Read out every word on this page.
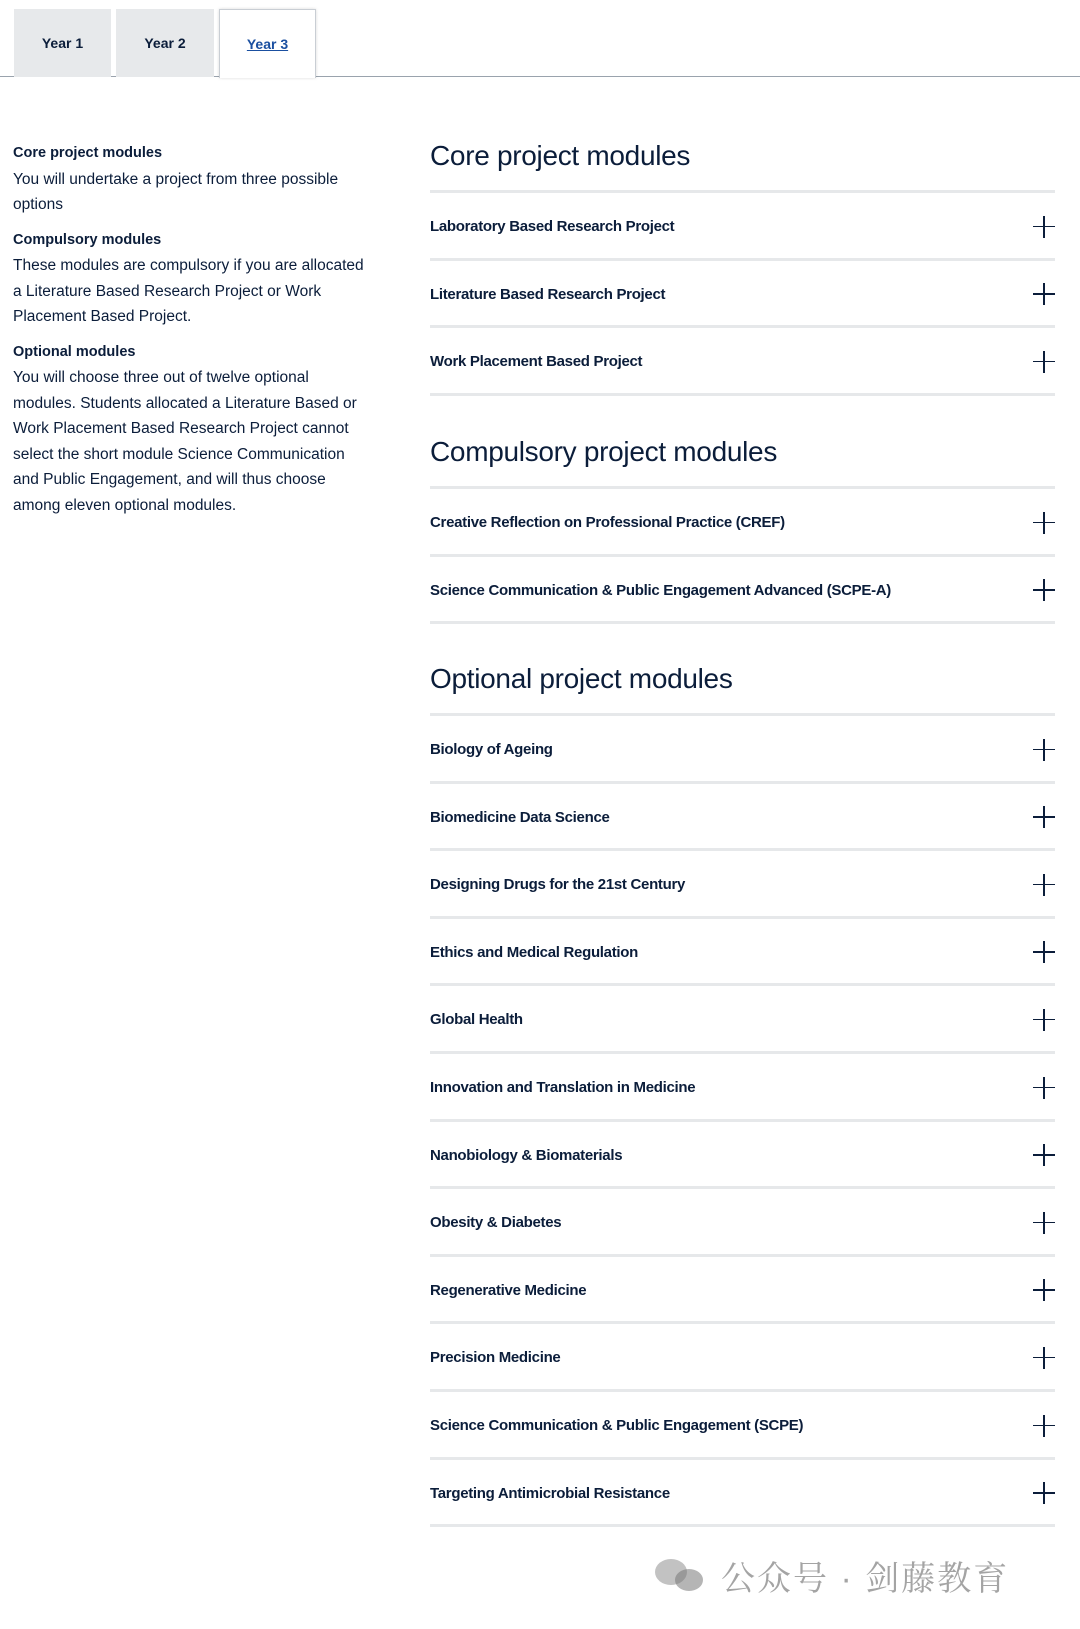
Year 1	Year 2	Year 3
Core project modules
You will undertake a project from three possible options
Compulsory modules
These modules are compulsory if you are allocated a Literature Based Research Project or Work Placement Based Project.
Optional modules
You will choose three out of twelve optional modules. Students allocated a Literature Based or Work Placement Based Research Project cannot select the short module Science Communication and Public Engagement, and will thus choose among eleven optional modules.
Core project modules
Laboratory Based Research Project
Literature Based Research Project
Work Placement Based Project
Compulsory project modules
Creative Reflection on Professional Practice (CREF)
Science Communication & Public Engagement Advanced (SCPE-A)
Optional project modules
Biology of Ageing
Biomedicine Data Science
Designing Drugs for the 21st Century
Ethics and Medical Regulation
Global Health
Innovation and Translation in Medicine
Nanobiology & Biomaterials
Obesity & Diabetes
Regenerative Medicine
Precision Medicine
Science Communication & Public Engagement (SCPE)
Targeting Antimicrobial Resistance
公众号 · 剑藤教育
